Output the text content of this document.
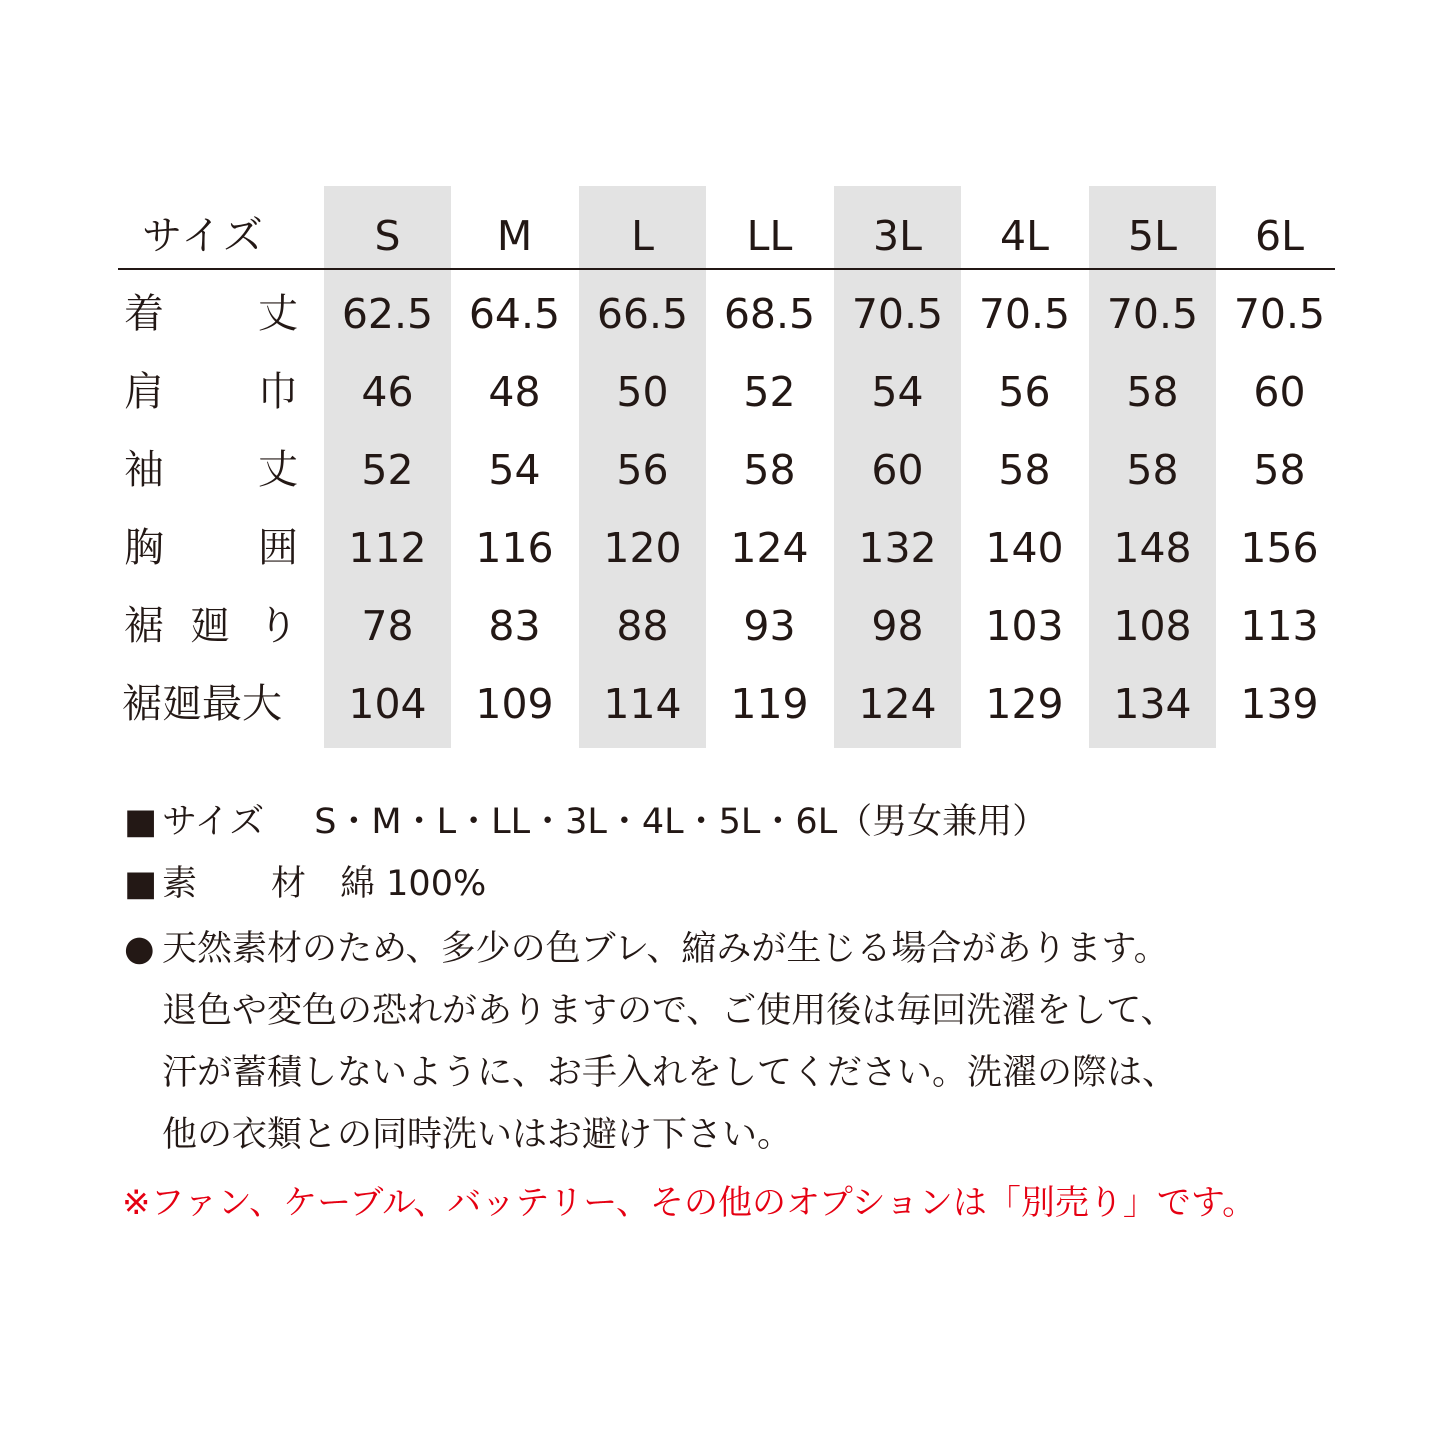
サイズ	S	M	L	LL	3L	4L	5L	6L
着 丈	62.5 64.5 66.5 68.5 70.5 70.5 70.5 70.5
肩 巾	46	48	50	52	54	56	58	60
袖 丈	52	54	56	58	60	58	58	58
胸 囲	112	116	120	124	132	140	148	156
裾 廻 り	78	83	88	93	98	103	108	113
裾廻最大	104	109	114	119	124	129	134	139
■ サイズ S・M・L・LL・3L・4L・5L・6L（男女兼用）
■ 素 材 綿 100%
● 天然素材のため、多少の色ブレ、縮みが生じる場合があります。
退色や変色の恐れがありますので、ご使用後は毎回洗濯をして、
汗が蓄積しないように、お手入れをしてください。洗濯の際は、
他の衣類との同時洗いはお避け下さい。
※ファン、ケーブル、バッテリー、その他のオプションは「別売り」です。
